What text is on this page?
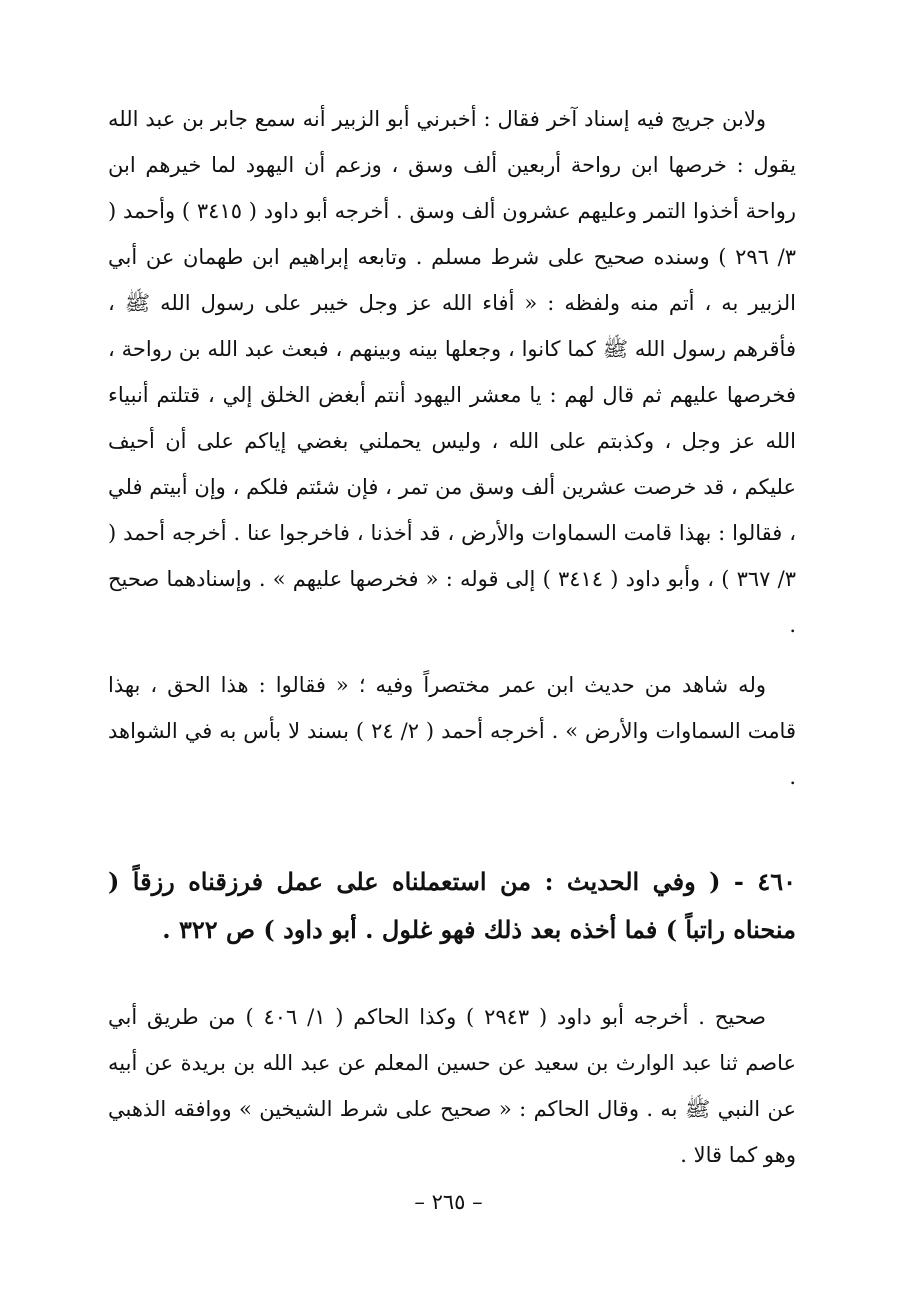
ولابن جريج فيه إسناد آخر فقال : أخبرني أبو الزبير أنه سمع جابر بن عبد الله يقول : خرصها ابن رواحة أربعين ألف وسق ، وزعم أن اليهود لما خيرهم ابن رواحة أخذوا التمر وعليهم عشرون ألف وسق . أخرجه أبو داود ( ٣٤١٥ ) وأحمد ( ٣/ ٢٩٦ ) وسنده صحيح على شرط مسلم . وتابعه إبراهيم ابن طهمان عن أبي الزبير به ، أتم منه ولفظه : « أفاء الله عز وجل خيبر على رسول الله ﷺ ، فأقرهم رسول الله ﷺ كما كانوا ، وجعلها بينه وبينهم ، فبعث عبد الله بن رواحة ، فخرصها عليهم ثم قال لهم : يا معشر اليهود أنتم أبغض الخلق إلي ، قتلتم أنبياء الله عز وجل ، وكذبتم على الله ، وليس يحملني بغضي إياكم على أن أحيف عليكم ، قد خرصت عشرين ألف وسق من تمر ، فإن شئتم فلكم ، وإن أبيتم فلي ، فقالوا : بهذا قامت السماوات والأرض ، قد أخذنا ، فاخرجوا عنا . أخرجه أحمد ( ٣/ ٣٦٧ ) ، وأبو داود ( ٣٤١٤ ) إلى قوله : « فخرصها عليهم » . وإسنادهما صحيح .

وله شاهد من حديث ابن عمر مختصراً وفيه ؛ « فقالوا : هذا الحق ، بهذا قامت السماوات والأرض » . أخرجه أحمد ( ٢/ ٢٤ ) بسند لا بأس به في الشواهد .

٤٦٠ - ( وفي الحديث : من استعملناه على عمل فرزقناه رزقاً ( منحناه راتباً ) فما أخذه بعد ذلك فهو غلول . أبو داود ) ص ٣٢٢ .

صحيح . أخرجه أبو داود ( ٢٩٤٣ ) وكذا الحاكم ( ١/ ٤٠٦ ) من طريق أبي عاصم ثنا عبد الوارث بن سعيد عن حسين المعلم عن عبد الله بن بريدة عن أبيه عن النبي ﷺ به . وقال الحاكم : « صحيح على شرط الشيخين » ووافقه الذهبي وهو كما قالا .

– ٢٦٥ –
